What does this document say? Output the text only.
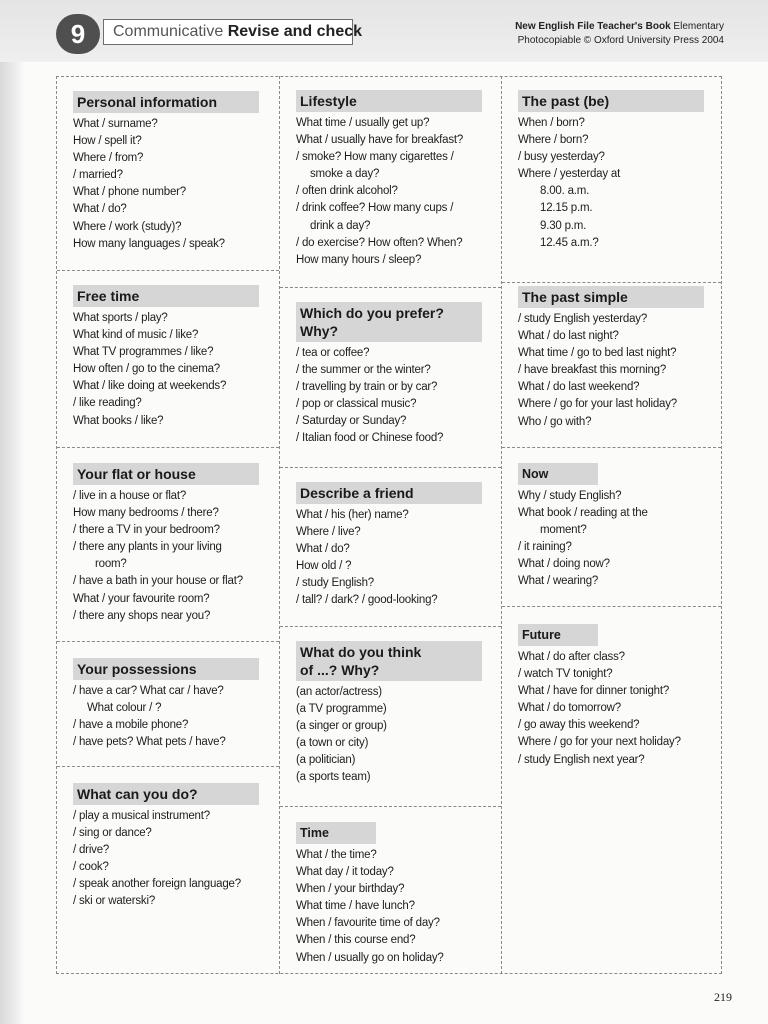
9	Communicative Revise and check	New English File Teacher's Book Elementary
Photocopiable © Oxford University Press 2004
Personal information

What / surname?

How / spell it?

Where / from?

/ married?

What / phone number?

What / do?

Where / work (study)?

How many languages / speak?

Free time

What sports / play?

What kind of music / like?

What TV programmes / like?

How often / go to the cinema?

What / like doing at weekends?

/ like reading?

What books / like?

Your flat or house

/ live in a house or flat?

How many bedrooms / there?

/ there a TV in your bedroom?

/ there any plants in your living

room?

/ have a bath in your house or flat?

What / your favourite room?

/ there any shops near you?

Your possessions

/ have a car? What car / have?

What colour / ?

/ have a mobile phone?

/ have pets? What pets / have?

What can you do?

/ play a musical instrument?

/ sing or dance?

/ drive?

/ cook?

/ speak another foreign language?

/ ski or waterski?

Lifestyle

What time / usually get up?

What / usually have for breakfast?

/ smoke? How many cigarettes /

smoke a day?

/ often drink alcohol?

/ drink coffee? How many cups /

drink a day?

/ do exercise? How often? When?

How many hours / sleep?

Which do you prefer?
Why?

/ tea or coffee?

/ the summer or the winter?

/ travelling by train or by car?

/ pop or classical music?

/ Saturday or Sunday?

/ Italian food or Chinese food?

Describe a friend

What / his (her) name?

Where / live?

What / do?

How old / ?

/ study English?

/ tall? / dark? / good-looking?

What do you think
of ...? Why?

(an actor/actress)

(a TV programme)

(a singer or group)

(a town or city)

(a politician)

(a sports team)

Time

What / the time?

What day / it today?

When / your birthday?

What time / have lunch?

When / favourite time of day?

When / this course end?

When / usually go on holiday?

The past (be)

When / born?

Where / born?

/ busy yesterday?

Where / yesterday at

8.00. a.m.

12.15 p.m.

9.30 p.m.

12.45 a.m.?

The past simple

/ study English yesterday?

What / do last night?

What time / go to bed last night?

/ have breakfast this morning?

What / do last weekend?

Where / go for your last holiday?

Who / go with?

Now

Why / study English?

What book / reading at the

moment?

/ it raining?

What / doing now?

What / wearing?

Future

What / do after class?

/ watch TV tonight?

What / have for dinner tonight?

What / do tomorrow?

/ go away this weekend?

Where / go for your next holiday?

/ study English next year?

219
